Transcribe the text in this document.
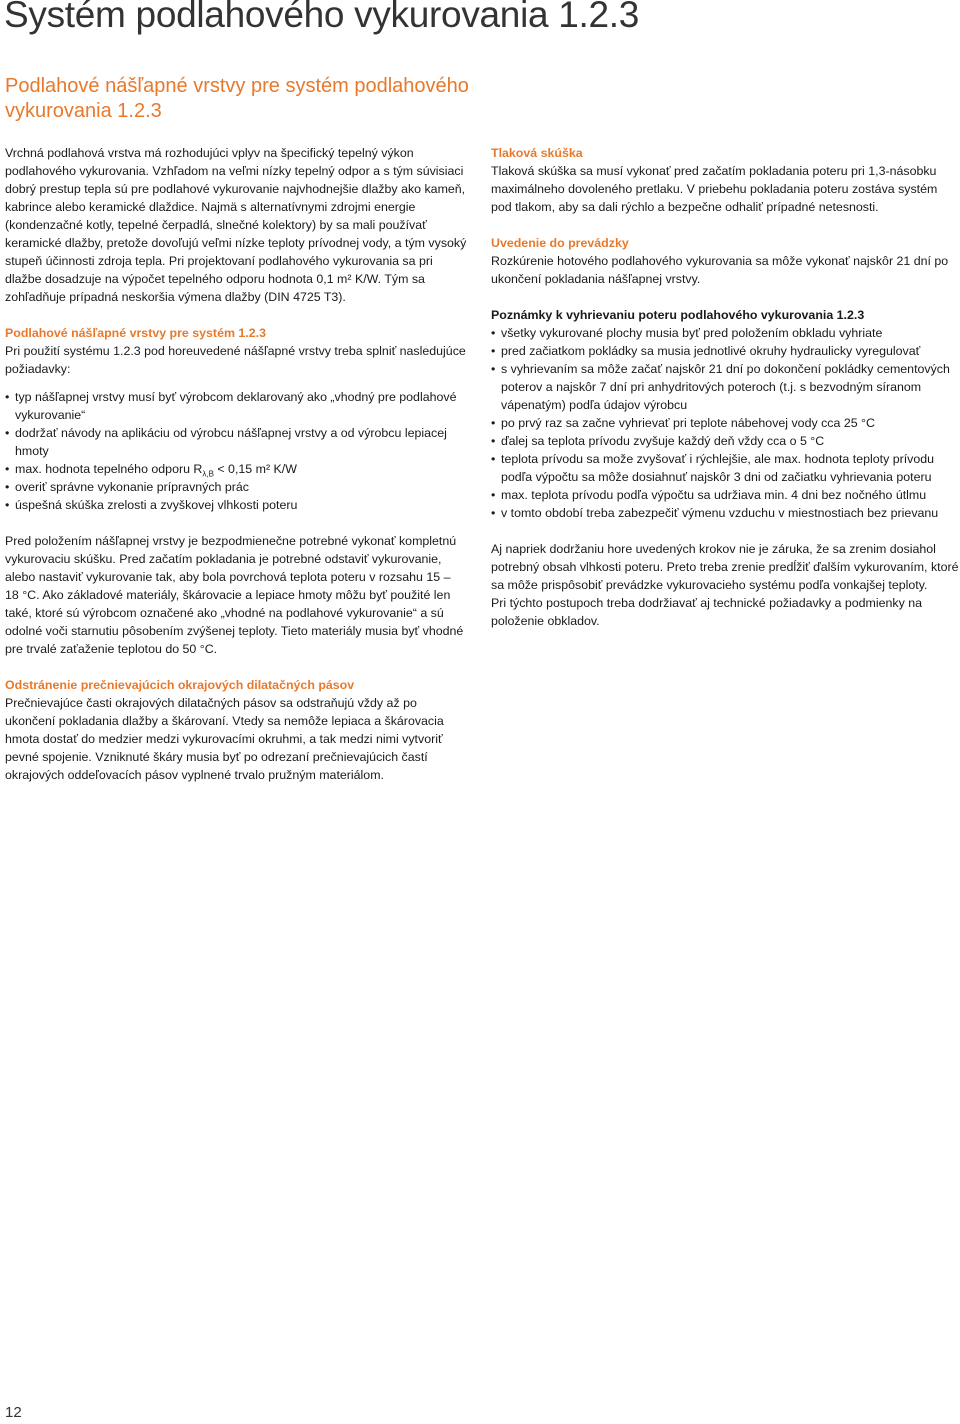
Systém podlahového vykurovania 1.2.3
Podlahové nášľapné vrstvy pre systém podlahového vykurovania 1.2.3

Vrchná podlahová vrstva má rozhodujúci vplyv na špecifický tepelný výkon podlahového vykurovania. Vzhľadom na veľmi nízky tepelný odpor a s tým súvisiaci dobrý prestup tepla sú pre podlahové vykurovanie najvhodnejšie dlažby ako kameň, kabrince alebo keramické dlaždice. Najmä s alternatívnymi zdrojmi energie (kondenzačné kotly, tepelné čerpadlá, slnečné kolektory) by sa mali používať keramické dlažby, pretože dovoľujú veľmi nízke teploty prívodnej vody, a tým vysoký stupeň účinnosti zdroja tepla. Pri projektovaní podlahového vykurovania sa pri dlažbe dosadzuje na výpočet tepelného odporu hodnota 0,1 m² K/W. Tým sa zohľadňuje prípadná neskoršia výmena dlažby (DIN 4725 T3).

Podlahové nášľapné vrstvy pre systém 1.2.3

Pri použití systému 1.2.3 pod horeuvedené nášľapné vrstvy treba splniť nasledujúce požiadavky:

• typ nášľapnej vrstvy musí byť výrobcom deklarovaný ako „vhodný pre podlahové vykurovanie“
• dodržať návody na aplikáciu od výrobcu nášľapnej vrstvy a od výrobcu lepiacej hmoty
• max. hodnota tepelného odporu $R_{\lambda,B} < 0,15$ m² K/W
• overiť správne vykonanie prípravných prác
• úspešná skúška zrelosti a zvyškovej vlhkosti poteru

Pred položením nášľapnej vrstvy je bezpodmienečne potrebné vykonať kompletnú vykurovaciu skúšku. Pred začatím pokladania je potrebné odstaviť vykurovanie, alebo nastaviť vykurovanie tak, aby bola povrchová teplota poteru v rozsahu 15 – 18 °C. Ako základové materiály, škárovacie a lepiace hmoty môžu byť použité len také, ktoré sú výrobcom označené ako „vhodné na podlahové vykurovanie“ a sú odolné voči starnutiu pôsobením zvýšenej teploty. Tieto materiály musia byť vhodné pre trvalé zaťaženie teplotou do 50 °C.

Odstránenie prečnievajúcich okrajových dilatačných pásov

Prečnievajúce časti okrajových dilatačných pásov sa odstraňujú vždy až po ukončení pokladania dlažby a škárovaní. Vtedy sa nemôže lepiaca a škárovacia hmota dostať do medzier medzi vykurovacími okruhmi, a tak medzi nimi vytvoriť pevné spojenie. Vzniknuté škáry musia byť po odrezaní prečnievajúcich častí okrajových oddeľovacích pásov vyplnené trvalo pružným materiálom.

Tlaková skúška

Tlaková skúška sa musí vykonať pred začatím pokladania poteru pri 1,3-násobku maximálneho dovoleného pretlaku. V priebehu pokladania poteru zostáva systém pod tlakom, aby sa dali rýchlo a bezpečne odhaliť prípadné netesnosti.

Uvedenie do prevádzky

Rozkúrenie hotového podlahového vykurovania sa môže vykonať najskôr 21 dní po ukončení pokladania nášľapnej vrstvy.

Poznámky k vyhrievaniu poteru podlahového vykurovania 1.2.3

• všetky vykurované plochy musia byť pred položením obkladu vyhriate
• pred začiatkom pokládky sa musia jednotlivé okruhy hydraulicky vyregulovať
• s vyhrievaním sa môže začať najskôr 21 dní po dokončení pokládky cementových poterov a najskôr 7 dní pri anhydritových poteroch (t.j. s bezvodným síranom vápenatým) podľa údajov výrobcu
• po prvý raz sa začne vyhrievať pri teplote nábehovej vody cca 25 °C
• ďalej sa teplota prívodu zvyšuje každý deň vždy cca o 5 °C
• teplota prívodu sa može zvyšovať i rýchlejšie, ale max. hodnota teploty prívodu podľa výpočtu sa môže dosiahnuť najskôr 3 dni od začiatku vyhrievania poteru
• max. teplota prívodu podľa výpočtu sa udržiava min. 4 dni bez nočného útlmu
• v tomto období treba zabezpečiť výmenu vzduchu v miestnostiach bez prievanu

Aj napriek dodržaniu hore uvedených krokov nie je záruka, že sa zrenim dosiahol potrebný obsah vlhkosti poteru. Preto treba zrenie predĺžiť ďalším vykurovaním, ktoré sa môže prispôsobiť prevádzke vykurovacieho systému podľa vonkajšej teploty.

Pri týchto postupoch treba dodržiavať aj technické požiadavky a podmienky na položenie obkladov.

12
